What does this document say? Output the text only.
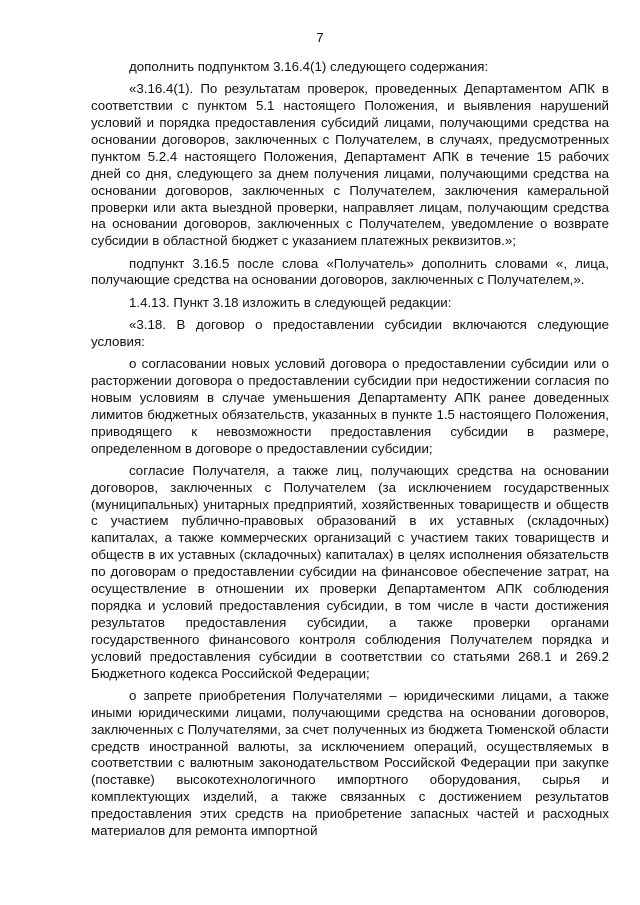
7

дополнить подпунктом 3.16.4(1) следующего содержания:

«3.16.4(1). По результатам проверок, проведенных Департаментом АПК в соответствии с пунктом 5.1 настоящего Положения, и выявления нарушений условий и порядка предоставления субсидий лицами, получающими средства на основании договоров, заключенных с Получателем, в случаях, предусмотренных пунктом 5.2.4 настоящего Положения, Департамент АПК в течение 15 рабочих дней со дня, следующего за днем получения лицами, получающими средства на основании договоров, заключенных с Получателем, заключения камеральной проверки или акта выездной проверки, направляет лицам, получающим средства на основании договоров, заключенных с Получателем, уведомление о возврате субсидии в областной бюджет с указанием платежных реквизитов.»;

подпункт 3.16.5 после слова «Получатель» дополнить словами «, лица, получающие средства на основании договоров, заключенных с Получателем,».

1.4.13. Пункт 3.18 изложить в следующей редакции:

«3.18. В договор о предоставлении субсидии включаются следующие условия:

о согласовании новых условий договора о предоставлении субсидии или о расторжении договора о предоставлении субсидии при недостижении согласия по новым условиям в случае уменьшения Департаменту АПК ранее доведенных лимитов бюджетных обязательств, указанных в пункте 1.5 настоящего Положения, приводящего к невозможности предоставления субсидии в размере, определенном в договоре о предоставлении субсидии;

согласие Получателя, а также лиц, получающих средства на основании договоров, заключенных с Получателем (за исключением государственных (муниципальных) унитарных предприятий, хозяйственных товариществ и обществ с участием публично-правовых образований в их уставных (складочных) капиталах, а также коммерческих организаций с участием таких товариществ и обществ в их уставных (складочных) капиталах) в целях исполнения обязательств по договорам о предоставлении субсидии на финансовое обеспечение затрат, на осуществление в отношении их проверки Департаментом АПК соблюдения порядка и условий предоставления субсидии, в том числе в части достижения результатов предоставления субсидии, а также проверки органами государственного финансового контроля соблюдения Получателем порядка и условий предоставления субсидии в соответствии со статьями 268.1 и 269.2 Бюджетного кодекса Российской Федерации;

о запрете приобретения Получателями – юридическими лицами, а также иными юридическими лицами, получающими средства на основании договоров, заключенных с Получателями, за счет полученных из бюджета Тюменской области средств иностранной валюты, за исключением операций, осуществляемых в соответствии с валютным законодательством Российской Федерации при закупке (поставке) высокотехнологичного импортного оборудования, сырья и комплектующих изделий, а также связанных с достижением результатов предоставления этих средств на приобретение запасных частей и расходных материалов для ремонта импортной
